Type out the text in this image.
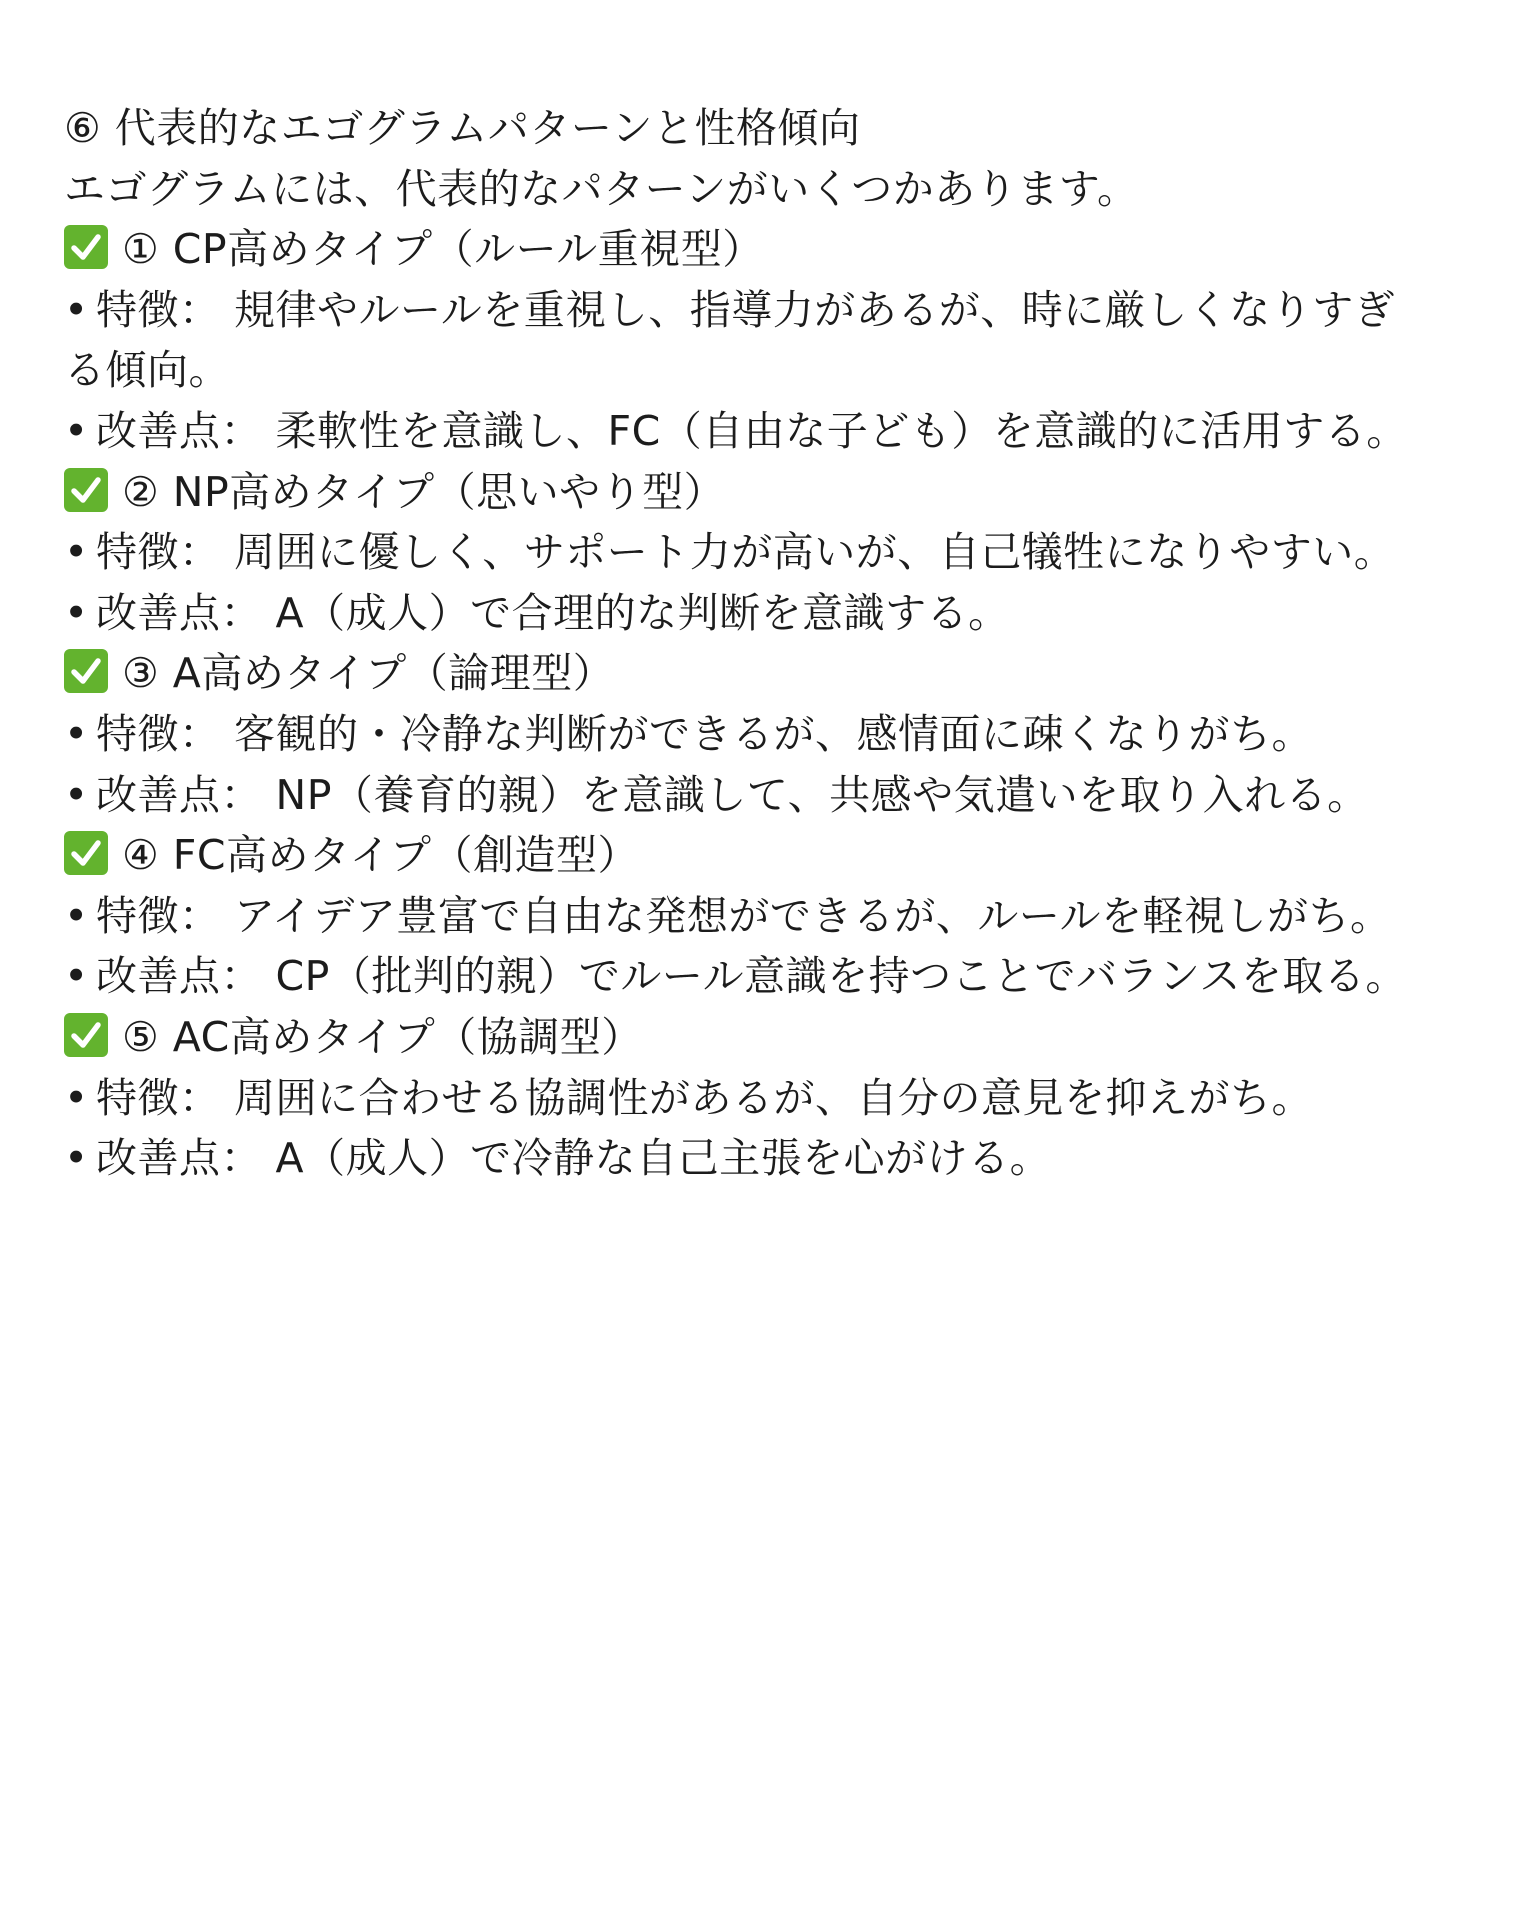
⑥ 代表的なエゴグラムパターンと性格傾向
エゴグラムには、代表的なパターンがいくつかあります。
① CP高めタイプ（ルール重視型）
• 特徴： 規律やルールを重視し、指導力があるが、時に厳しくなりすぎ
る傾向。
• 改善点： 柔軟性を意識し、FC（自由な子ども）を意識的に活用する。
② NP高めタイプ（思いやり型）
• 特徴： 周囲に優しく、サポート力が高いが、自己犠牲になりやすい。
• 改善点： A（成人）で合理的な判断を意識する。
③ A高めタイプ（論理型）
• 特徴： 客観的・冷静な判断ができるが、感情面に疎くなりがち。
• 改善点： NP（養育的親）を意識して、共感や気遣いを取り入れる。
④ FC高めタイプ（創造型）
• 特徴： アイデア豊富で自由な発想ができるが、ルールを軽視しがち。
• 改善点： CP（批判的親）でルール意識を持つことでバランスを取る。
⑤ AC高めタイプ（協調型）
• 特徴： 周囲に合わせる協調性があるが、自分の意見を抑えがち。
• 改善点： A（成人）で冷静な自己主張を心がける。
